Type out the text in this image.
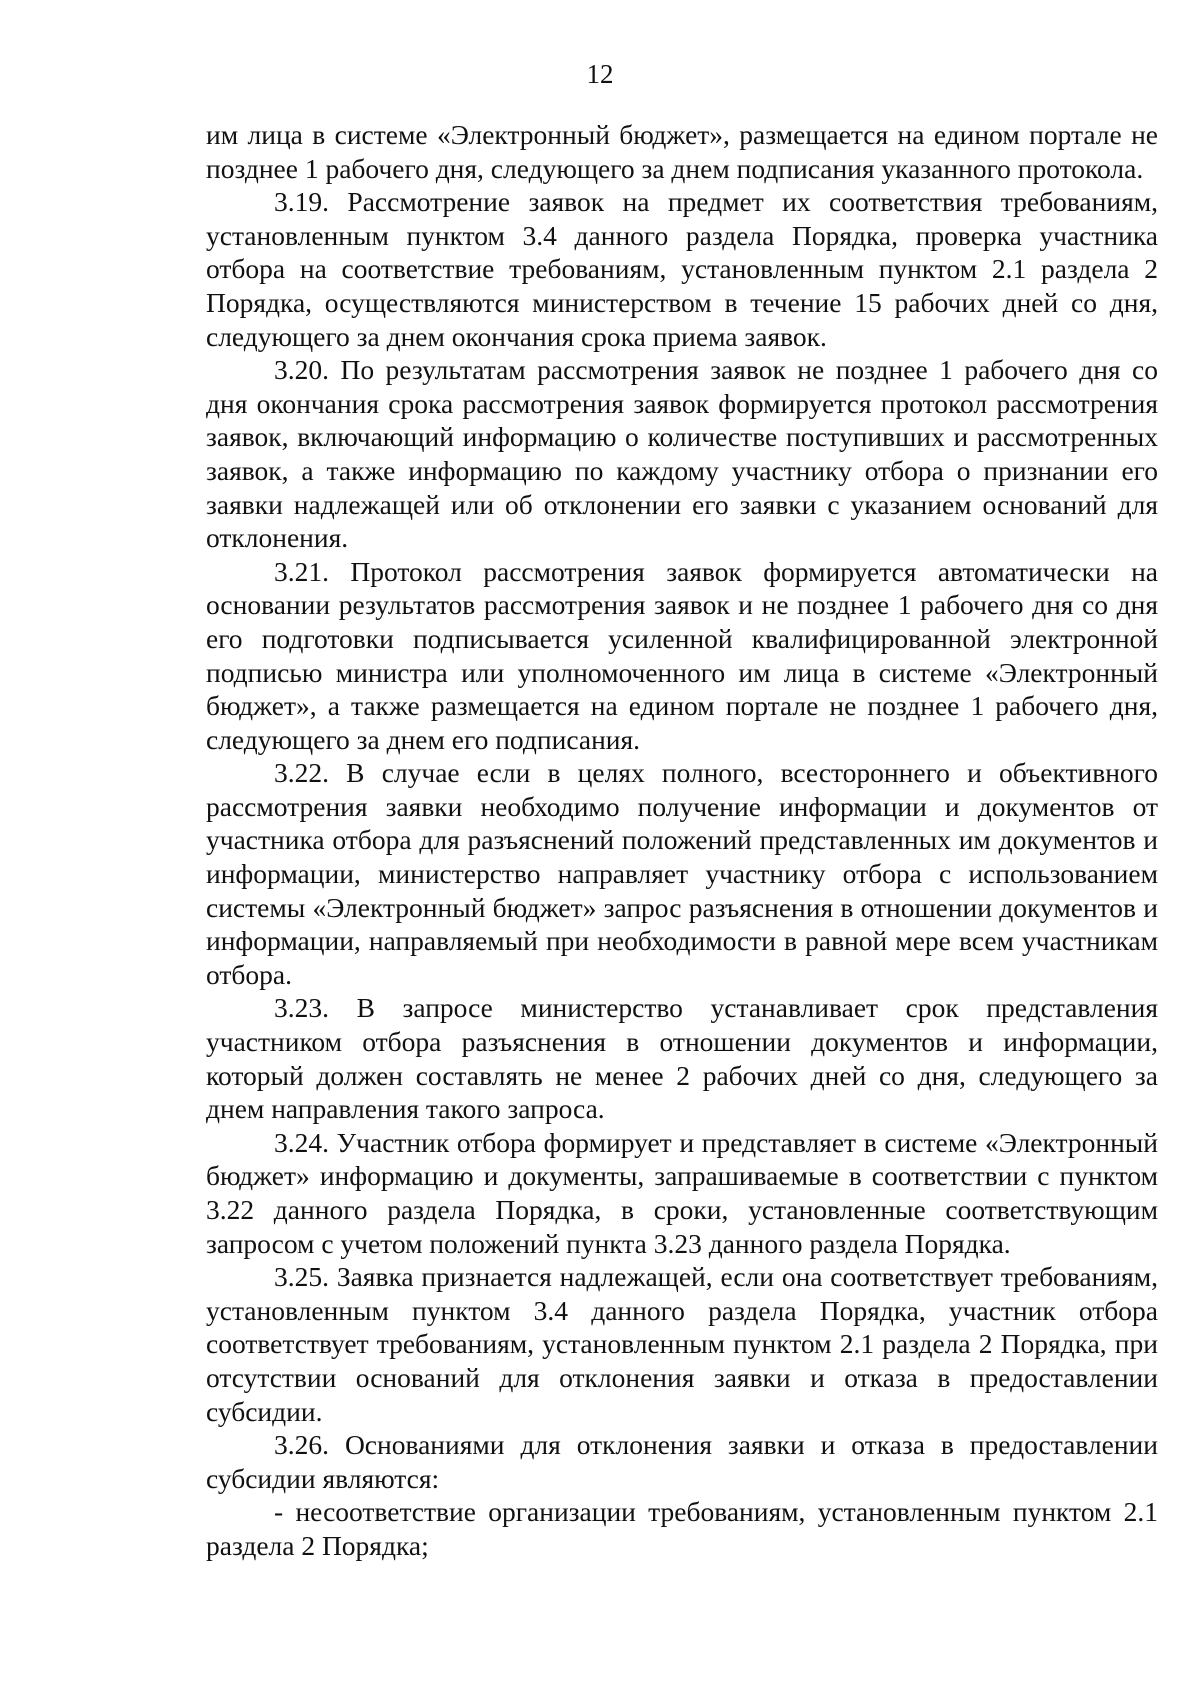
12

им лица в системе «Электронный бюджет», размещается на едином портале не позднее 1 рабочего дня, следующего за днем подписания указанного протокола.

3.19. Рассмотрение заявок на предмет их соответствия требованиям, установленным пунктом 3.4 данного раздела Порядка, проверка участника отбора на соответствие требованиям, установленным пунктом 2.1 раздела 2 Порядка, осуществляются министерством в течение 15 рабочих дней со дня, следующего за днем окончания срока приема заявок.

3.20. По результатам рассмотрения заявок не позднее 1 рабочего дня со дня окончания срока рассмотрения заявок формируется протокол рассмотрения заявок, включающий информацию о количестве поступивших и рассмотренных заявок, а также информацию по каждому участнику отбора о признании его заявки надлежащей или об отклонении его заявки с указанием оснований для отклонения.

3.21. Протокол рассмотрения заявок формируется автоматически на основании результатов рассмотрения заявок и не позднее 1 рабочего дня со дня его подготовки подписывается усиленной квалифицированной электронной подписью министра или уполномоченного им лица в системе «Электронный бюджет», а также размещается на едином портале не позднее 1 рабочего дня, следующего за днем его подписания.

3.22. В случае если в целях полного, всестороннего и объективного рассмотрения заявки необходимо получение информации и документов от участника отбора для разъяснений положений представленных им документов и информации, министерство направляет участнику отбора с использованием системы «Электронный бюджет» запрос разъяснения в отношении документов и информации, направляемый при необходимости в равной мере всем участникам отбора.

3.23. В запросе министерство устанавливает срок представления участником отбора разъяснения в отношении документов и информации, который должен составлять не менее 2 рабочих дней со дня, следующего за днем направления такого запроса.

3.24. Участник отбора формирует и представляет в системе «Электронный бюджет» информацию и документы, запрашиваемые в соответствии с пунктом 3.22 данного раздела Порядка, в сроки, установленные соответствующим запросом с учетом положений пункта 3.23 данного раздела Порядка.

3.25. Заявка признается надлежащей, если она соответствует требованиям, установленным пунктом 3.4 данного раздела Порядка, участник отбора соответствует требованиям, установленным пунктом 2.1 раздела 2 Порядка, при отсутствии оснований для отклонения заявки и отказа в предоставлении субсидии.

3.26. Основаниями для отклонения заявки и отказа в предоставлении субсидии являются:

- несоответствие организации требованиям, установленным пунктом 2.1 раздела 2 Порядка;
